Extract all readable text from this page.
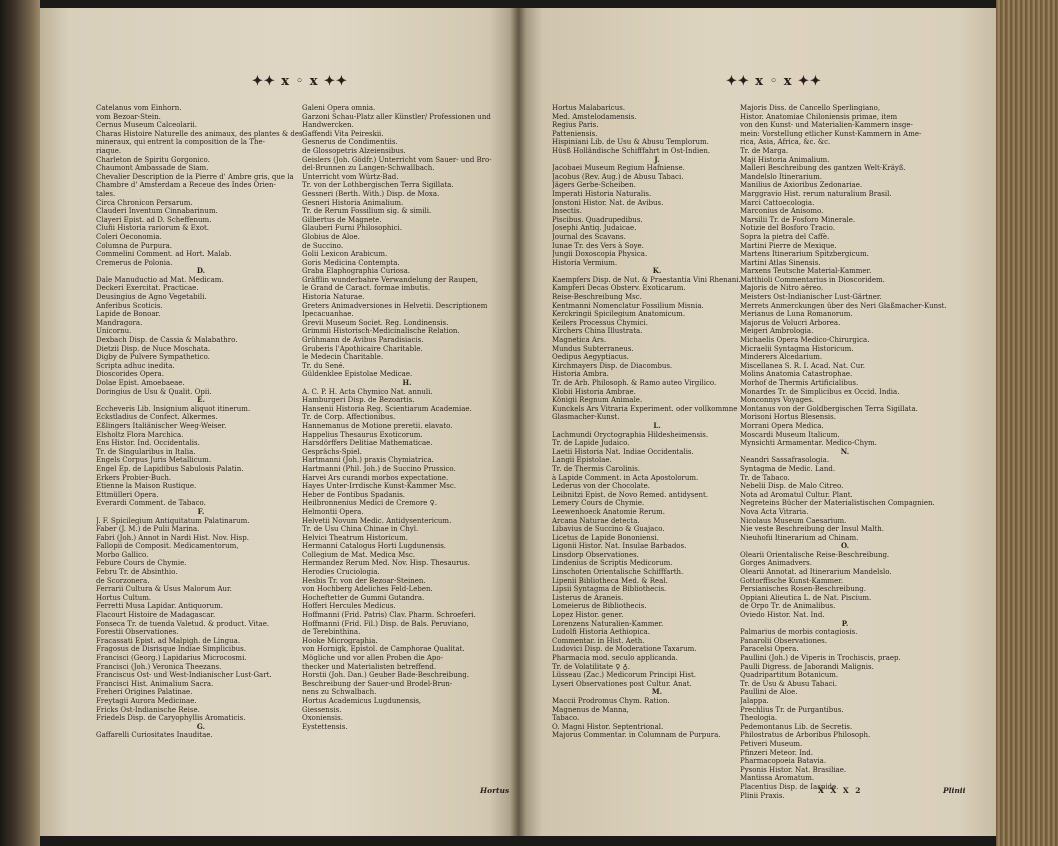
✦✦ x ◦ x ✦✦
Catelanus vom Einhorn.
vom Bezoar-Stein.
Cernus Museum Calceolarii.
Charas Histoire Naturelle des animaux, des plantes & des
mineraux, qui entrent la composition de la The-
riaque.
Charleton de Spiritu Gorgonico.
Chaumont Ambassade de Siam.
Chevalier Description de la Pierre d' Ambre gris, que la
Chambre d' Amsterdam a Receue des Indes Orien-
tales.
Circa Chronicon Persarum.
Clauderi Inventum Cinnabarinum.
Clayeri Epist. ad D. Scheffenum.
Clufii Historia rariorum & Exot.
Coleri Oeconomia.
Columna de Purpura.
Commelini Comment. ad Hort. Malab.
Cremerus de Polonia.
D.
Dale Manuductio ad Mat. Medicam.
Deckeri Exercitat. Practicae.
Deusingius de Agno Vegetabili.
Anferibus Scoticis.
Lapide de Bonoar.
Mandragora.
Unicornu.
Dexbach Disp. de Cassia & Malabathro.
Dietzii Disp. de Nuce Moschata.
Digby de Pulvere Sympathetico.
Scripta adhuc inedita.
Dioscorides Opera.
Dolae Epist. Amoebaeae.
Doringius de Usu & Qualit. Opii.
E.
Eccheveris Lib. Insignium aliquot itinerum.
Eckstladius de Confect. Alkermes.
Eßlingers Italiänischer Weeg-Weiser.
Elsholtz Flora Marchica.
Ens Histor. Ind. Occidentalis.
Tr. de Singularibus in Italia.
Engels Corpus Juris Metallicum.
Engel Ep. de Lapidibus Sabulosis Palatin.
Erkers Probier-Buch.
Etienne la Maison Rustique.
Ettmülleri Opera.
Everardi Comment. de Tabaco.
F.
J. F. Spicilegium Antiquitatum Palatinarum.
Faber (J. M.) de Pulii Marina.
Fabri (Joh.) Annot in Nardi Hist. Nov. Hisp.
Fallopii de Composit. Medicamentorum,
Morbo Gallico.
Febure Cours de Chymie.
Febru Tr. de Absinthio.
de Scorzonera.
Ferrarii Cultura & Usus Malorum Aur.
Hortus Cultum.
Ferretti Musa Lapidar. Antiquorum.
Flacourt Histoire de Madagascar.
Fonseca Tr. de tuenda Valetud. & product. Vitae.
Forestii Observationes.
Fracassati Epist. ad Malpigh. de Lingua.
Fragosus de Disrisque Indiae Simplicibus.
Francisci (Georg.) Lapidarius Microcosmi.
Francisci (Joh.) Veronica Theezans.
Franciscus Ost- und West-Indianischer Lust-Gart.
Francisci Hist. Animalium Sacra.
Freheri Origines Palatinae.
Freytagii Aurora Medicinae.
Fricks Ost-Indianische Reise.
Friedels Disp. de Caryophyllis Aromaticis.
G.
Gaffarelli Curiositates Inauditae.
Galeni Opera omnia.
Garzoni Schau-Platz aller Künstler/ Professionen und
Handwercken.
Gaffendi Vita Peireskii.
Gesnerus de Condimentiis.
de Glossopetris Alzeiensibus.
Geislers (Joh. Gödfr.) Unterricht vom Sauer- und Bro-
del-Brunnen zu Langen-Schwallbach.
Unterricht vom Würtz-Bad.
Tr. von der Lothbergischen Terra Sigillata.
Gessneri (Berth. With.) Disp. de Moxa.
Gesneri Historia Animalium.
Tr. de Rerum Fossilium sig. & simili.
Gilbertus de Magnete.
Glauberi Furni Philosophici.
Globius de Aloe.
de Succino.
Golii Lexicon Arabicum.
Goris Medicina Contempta.
Graba Elaphographia Curiosa.
Gräfflin wunderbahre Verwandelung der Raupen,
le Grand de Caract. formae imbutis.
Historia Naturae.
Greters Animadversiones in Helvetii. Descriptionem
Ipecacuanhae.
Grevii Museum Societ. Reg. Londinensis.
Grimmii Historisch-Medicinalische Relation.
Grühmann de Avibus Paradisiacis.
Gruberis l'Apothicaire Charitable.
le Medecin Charitable.
Tr. du Sené.
Güldenklee Epistolae Medicae.
H.
A. C. P. H. Acta Chymico Nat. annuli.
Hamburgeri Disp. de Bezoartis.
Hansenii Historia Reg. Scientiarum Academiae.
Tr. de Corp. Affectionibus.
Hannemanus de Motione preretii. elavato.
Happelius Thesaurus Exoticorum.
Harsdörffers Delitiae Mathematicae.
Gesprächs-Spiel.
Hartmanni (Joh.) praxis Chymiatrica.
Hartmanni (Phil. Joh.) de Succino Prussico.
Harvei Ars curandi morbos expectatione.
Hayes Unter-Irrdische Kunst-Kammer Msc.
Heber de Fontibus Spadanis.
Heilbronnenius Medici de Cremore ♀.
Helmontii Opera.
Helvetii Novum Medic. Antidysentericum.
Tr. de Usu China Chinae in Chyl.
Helvici Theatrum Historicum.
Hermanni Catalogus Horti Lugdunensis.
Collegium de Mat. Medica Msc.
Hermandez Rerum Med. Nov. Hisp. Thesaurus.
Herodies Cruciologia.
Hesbis Tr. von der Bezoar-Steinen.
von Hochberg Adeliches Feld-Leben.
Hocheftetter de Gummi Gutandra.
Hofferi Hercules Medicus.
Hoffmanni (Frid. Patris) Clav. Pharm. Schroeferi.
Hoffmanni (Frid. Fil.) Disp. de Bals. Peruviano,
de Terebinthina.
Hooke Micrographia.
von Hornigk, Epistol. de Camphorae Qualitat.
Mögliche und vor allen Proben die Apo-
thecker und Materialisten betreffend.
Horstii (Joh. Dan.) Geuber Bade-Beschreibung.
Beschreibung der Sauer-und Brodel-Brun-
nens zu Schwalbach.
Hortus Academicus Lugdunensis,
Giessensis.
Oxoniensis.
Eystettensis.
Hortus
✦✦ x ◦ x ✦✦
Hortus Malabaricus.
Med. Amstelodamensis.
Regius Paris.
Patteniensis.
Hispiniani Lib. de Usu & Abusu Templorum.
Hüsß Holländische Schifffahrt in Ost-Indien.
J.
Jacobaei Museum Regium Hafniense.
Jacobus (Rev. Aug.) de Abusu Tabaci.
Jägers Gerbe-Scheiben.
Imperati Historia Naturalis.
Jonstoni Histor. Nat. de Avibus.
Insectis.
Piscibus. Quadrupedibus.
Josephi Antiq. Judaicae.
Journal des Scavans.
Iunae Tr. des Vers à Soye.
Jungii Doxoscopia Physica.
Historia Vermium.
K.
Kaempfers Disp. de Nut. & Praestantia Vini Rhenani.
Kampferi Decas Obsterv. Exoticarum.
Reise-Beschreibung Msc.
Kentmanni Nomenclatur Fossilium Misnia.
Kerckringii Spicilegium Anatomicum.
Keilers Processus Chymici.
Kirchers China Illustrata.
Magnetica Ars.
Mundus Subterraneus.
Oedipus Aegyptiacus.
Kirchmayers Disp. de Diacombus.
Historia Ambra.
Tr. de Arb. Philosoph. & Ramo auteo Virgilico.
Klobii Historia Ambrae.
Königii Regnum Animale.
Kunckels Ars Vitraria Experiment. oder vollkommne
Glasmacher-Kunst.
L.
Lachmundi Oryctographia Hildesheimensis.
Tr. de Lapide Judaico.
Laetii Historia Nat. Indiae Occidentalis.
Langii Epistolae.
Tr. de Thermis Carolinis.
à Lapide Comment. in Acta Apostolorum.
Lederus von der Chocolate.
Leibnitzi Epist. de Novo Remed. antidysent.
Lemery Cours de Chymie.
Leewenhoeck Anatomie Rerum.
Arcana Naturae detecta.
Libavius de Succino & Guajaco.
Licetus de Lapide Bononiensi.
Ligonii Histor. Nat. Insulae Barbados.
Linsdorp Observationes.
Lindenius de Scriptis Medicorum.
Linschoten Orientalische Schifffarth.
Lipenii Bibliotheca Med. & Real.
Lipsii Syntagma de Bibliothecis.
Listerus de Araneis.
Lomeierus de Bibliothecis.
Lopez Histor. gener.
Lorenzens Naturalien-Kammer.
Ludolfi Historia Aethiopica.
Commentar. in Hist. Aeth.
Ludovici Disp. de Moderatione Taxarum.
Pharmacia mod. seculo applicanda.
Tr. de Volatilitate ♀ ♁.
Lüsseau (Zac.) Medicorum Principi Hist.
Lyseri Observationes post Cultur. Anat.
M.
Maccii Prodromus Chym. Ration.
Magnenus de Manna,
Tabaco.
O. Magni Histor. Septentrional.
Majorus Commentar. in Columnam de Purpura.
Majoris Diss. de Cancello Sperlingiano,
Histor. Anatomiae Chiloniensis primae, item
von den Kunst- und Materialien-Kammern insge-
mein: Vorstellung etlicher Kunst-Kammern in Ame-
rica, Asia, Africa, &c. &c.
Tr. de Marga.
Maji Historia Animalium.
Malleri Beschreibung des gantzen Welt-Kräyß.
Mandelslo Itinerarium.
Manilius de Axioribus Zedonariae.
Marggravio Hist. rerum naturalium Brasil.
Marci Cattoecologia.
Marconius de Anisomo.
Marsilii Tr. de Fosforo Minerale.
Notizie del Bosforo Tracio.
Sopra la pietra del Caffè.
Martini Pierre de Mexique.
Martens Itinerarium Spitzbergicum.
Martini Atlas Sinensis.
Marxens Teutsche Material-Kammer.
Matthioli Commentarius in Dioscoridem.
Majoris de Nitro aëreo.
Meisters Ost-Indianischer Lust-Gärtner.
Merrets Anmerckungen über des Neri Glaßmacher-Kunst.
Merianus de Luna Romanorum.
Majorus de Volucri Arborea.
Meigeri Ambrologia.
Michaelis Opera Medico-Chirurgica.
Micraelii Syntagma Historicum.
Minderers Alcedarium.
Miscellanea S. R. I. Acad. Nat. Cur.
Molins Anatomia Catastrophae.
Morhof de Thermis Artificialibus.
Monardes Tr. de Simplicibus ex Occid. India.
Monconnys Voyages.
Montanus von der Goldbergischen Terra Sigillata.
Morisoni Hortus Blesensis.
Morrani Opera Medica.
Moscardi Museum Italicum.
Mynsichti Armamentar. Medico-Chym.
N.
Neandri Sassafrasologia.
Syntagma de Medic. Land.
Tr. de Tabaco.
Nebelii Disp. de Malo Citreo.
Nota ad Aromatul Cultur. Plant.
Negreteins Bücher der Materialistischen Compagnien.
Nova Acta Vitraria.
Nicolaus Museum Caesarium.
Nie veste Beschreibung der Insul Malth.
Nieuhofii Itinerarium ad Chinam.
O.
Olearii Orientalische Reise-Beschreibung.
Gorges Animadvers.
Olearii Annotat. ad Itinerarium Mandelslo.
Gottorffische Kunst-Kammer.
Persianisches Rosen-Beschreibung.
Oppiani Alieutica L. de Nat. Piscium.
de Orpo Tr. de Animalibus.
Oviedo Histor. Nat. Ind.
P.
Palmarius de morbis contagiosis.
Panarolii Observationes.
Paracelsi Opera.
Paullini (Joh.) de Viperis in Trochiscis, praep.
Paulli Digress. de Jaborandi Malignis.
Quadripartitum Botanicum.
Tr. de Usu & Abusu Tabaci.
Paullini de Aloe.
Jalappa.
Prechlius Tr. de Purgantibus.
Theologia.
Pedemontanus Lib. de Secretis.
Philostratus de Arboribus Philosoph.
Petiveri Museum.
Pfinzeri Meteor. Ind.
Pharmacopoeia Batavia.
Pysonis Histor. Nat. Brasiliae.
Mantissa Aromatum.
Placentius Disp. de Iaspide.
Plinii Praxis.
X X X 2	Plinii
